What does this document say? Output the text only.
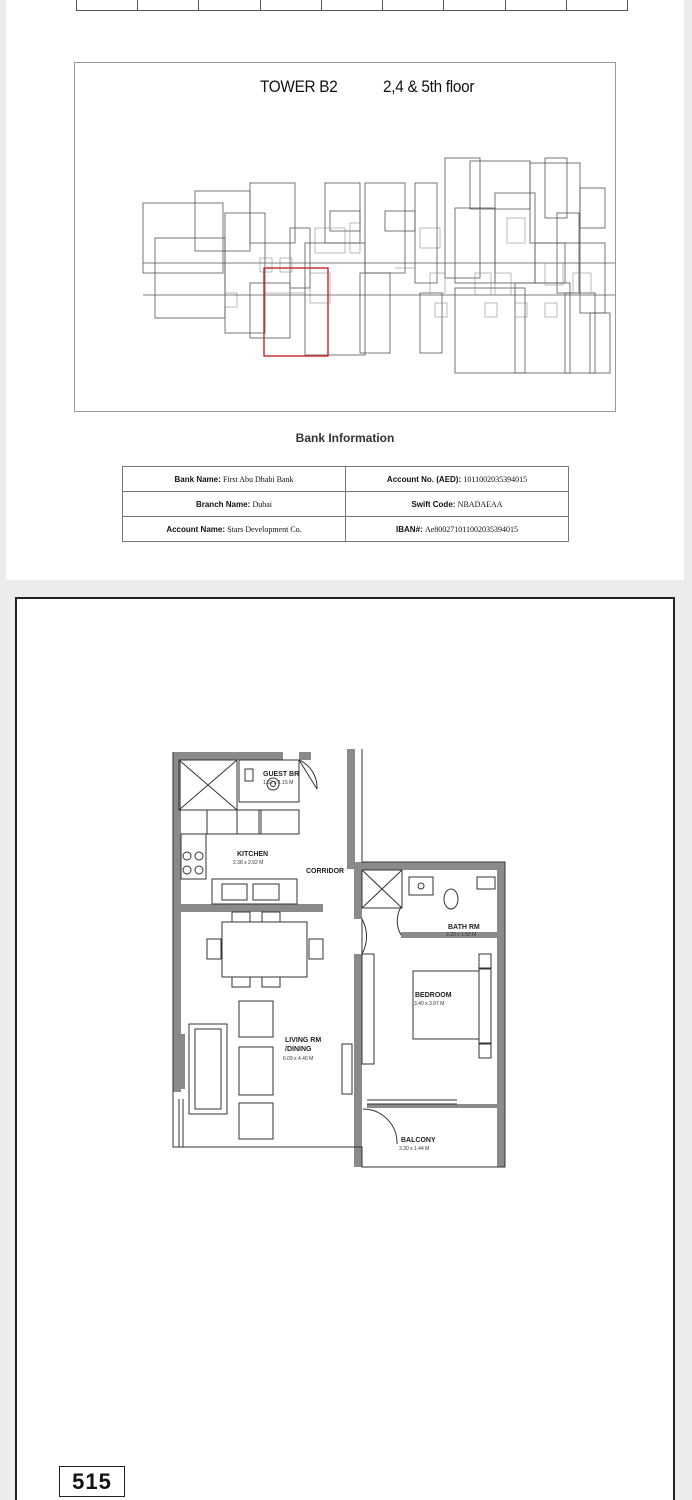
TOWER B2	2,4 & 5th floor
Bank Information
Bank Name: First Abu Dhabi Bank	Account No. (AED): 1011002035394015
Branch Name: Dubai	Swift Code: NBADAEAA
Account Name: Stars Development Co.	IBAN#: Ae800271011002035394015
GUEST BR
1.52 x 1.15 M
KITCHEN
2.38 x 2.92 M
CORRIDOR
BATH RM
2.20 x 1.50 M
BEDROOM
3.40 x 3.97 M
LIVING RM
/DINING
6.09 x 4.40 M
BALCONY
3.30 x 1.44 M
515
